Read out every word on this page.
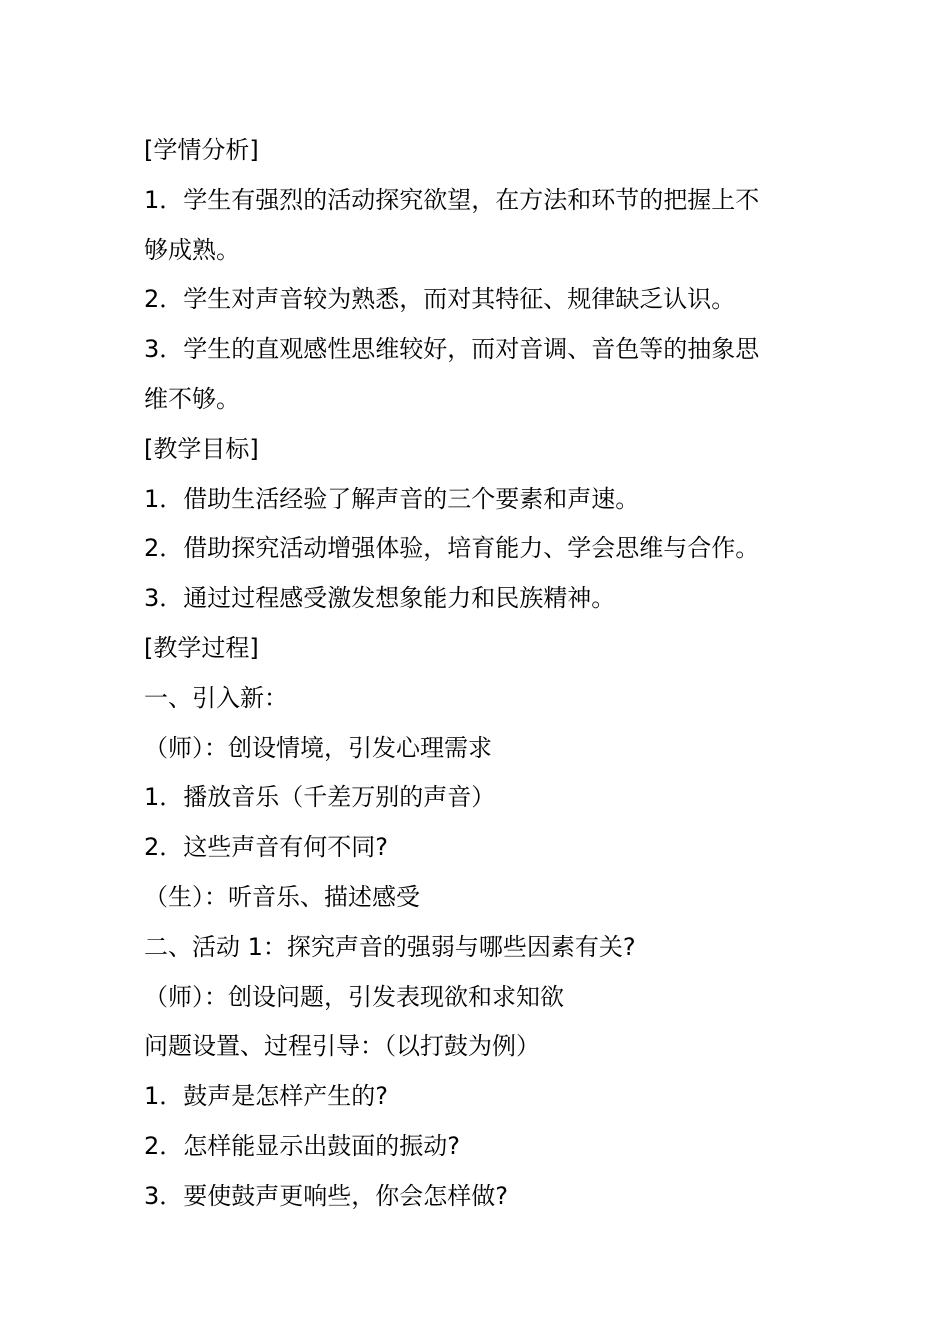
[学情分析]
1．学生有强烈的活动探究欲望，在方法和环节的把握上不
够成熟。
2．学生对声音较为熟悉，而对其特征、规律缺乏认识。
3．学生的直观感性思维较好，而对音调、音色等的抽象思
维不够。
[教学目标]
1．借助生活经验了解声音的三个要素和声速。
2．借助探究活动增强体验，培育能力、学会思维与合作。
3．通过过程感受激发想象能力和民族精神。
[教学过程]
一、引入新：
（师）：创设情境，引发心理需求
1．播放音乐（千差万别的声音）
2．这些声音有何不同?
（生）：听音乐、描述感受
二、活动 1：探究声音的强弱与哪些因素有关?
（师）：创设问题，引发表现欲和求知欲
问题设置、过程引导：（以打鼓为例）
1．鼓声是怎样产生的?
2．怎样能显示出鼓面的振动?
3．要使鼓声更响些，你会怎样做?
